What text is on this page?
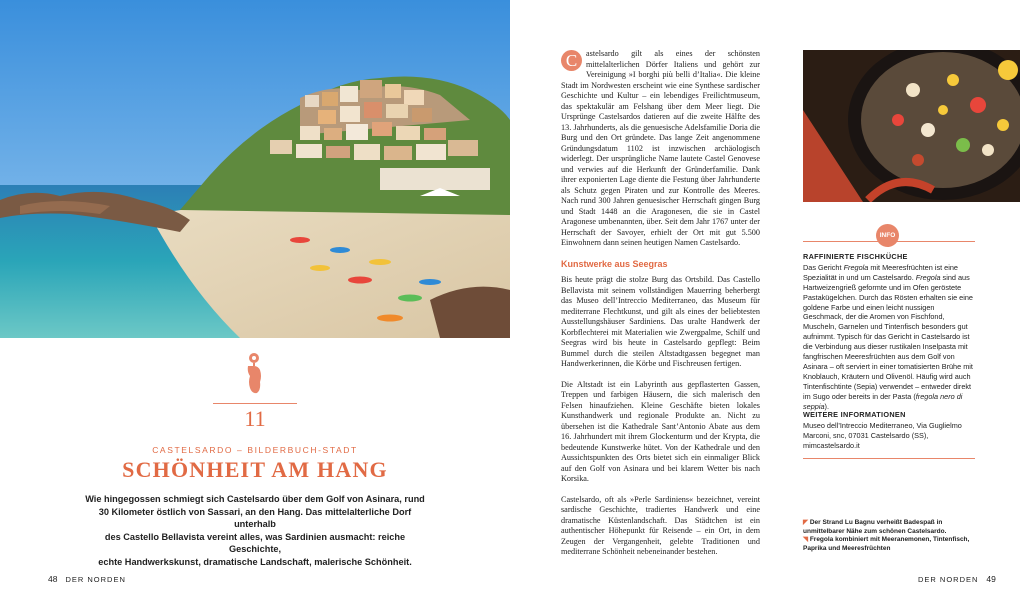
11
CASTELSARDO – BILDERBUCH-STADT
SCHÖNHEIT AM HANG
Wie hingegossen schmiegt sich Castelsardo über dem Golf von Asinara, rund
30 Kilometer östlich von Sassari, an den Hang. Das mittelalterliche Dorf unterhalb
des Castello Bellavista vereint alles, was Sardinien ausmacht: reiche Geschichte,
echte Handwerkskunst, dramatische Landschaft, malerische Schönheit.
48 DER NORDEN

C	astelsardo gilt als eines der schönsten mittelalterlichen Dörfer Italiens und gehört zur Vereinigung »I borghi più belli d’Italia«. Die kleine Stadt im Nordwesten erscheint wie eine Synthese sardischer Geschichte und Kultur – ein lebendiges Freilichtmuseum, das spektakulär am Felshang über dem Meer liegt. Die Ursprünge Castelsardos datieren auf die zweite Hälfte des 13. Jahrhunderts, als die genuesische Adelsfamilie Doria die Burg und den Ort gründete. Das lange Zeit angenommene Gründungsdatum 1102 ist inzwischen archäologisch widerlegt. Der ursprüngliche Name lautete Castel Genovese und verwies auf die Herkunft der Gründerfamilie. Dank ihrer exponierten Lage diente die Festung über Jahrhunderte als Schutz gegen Piraten und zur Kontrolle des Meeres. Nach rund 300 Jahren genuesischer Herrschaft gingen Burg und Stadt 1448 an die Aragonesen, die sie in Castel Aragonese umbenannten, über. Seit dem Jahr 1767 unter der Herrschaft der Savoyer, erhielt der Ort mit gut 5.500 Einwohnern dann seinen heutigen Namen Castelsardo.

Kunstwerke aus Seegras

Bis heute prägt die stolze Burg das Ortsbild. Das Castello Bellavista mit seinem vollständigen Mauerring beherbergt das Museo dell’Intreccio Mediterraneo, das Museum für mediterrane Flechtkunst, und gilt als eines der beliebtesten Ausstellungshäuser Sardiniens. Das uralte Handwerk der Korbflechterei mit Materialien wie Zwergpalme, Schilf und Seegras wird bis heute in Castelsardo gepflegt: Beim Bummel durch die steilen Altstadtgassen begegnet man Handwerkerinnen, die Körbe und Fischreusen fertigen.

Die Altstadt ist ein Labyrinth aus gepflasterten Gassen, Treppen und farbigen Häusern, die sich malerisch den Felsen hinaufziehen. Kleine Geschäfte bieten lokales Kunsthandwerk und regionale Produkte an. Nicht zu übersehen ist die Kathedrale Sant’Antonio Abate aus dem 16. Jahrhundert mit ihrem Glockenturm und der Krypta, die bedeutende Kunstwerke hütet. Von der Kathedrale und den Aussichtspunkten des Orts bietet sich ein einmaliger Blick auf den Golf von Asinara und bei klarem Wetter bis nach Korsika.

Castelsardo, oft als »Perle Sardiniens« bezeichnet, vereint sardische Geschichte, tradiertes Handwerk und eine dramatische Küstenlandschaft. Das Städtchen ist ein authentischer Höhepunkt für Reisende – ein Ort, in dem Zeugen der Vergangenheit, gelebte Traditionen und mediterrane Schönheit nebeneinander bestehen.

INFO
RAFFINIERTE FISCHKÜCHE
Das Gericht Fregola mit Meeresfrüchten ist eine Spezialität in und um Castelsardo. Fregola sind aus Hartweizengrieß geformte und im Ofen geröstete Pastakügelchen. Durch das Rösten erhalten sie eine goldene Farbe und einen leicht nussigen Geschmack, der die Aromen von Fischfond, Muscheln, Garnelen und Tintenfisch besonders gut aufnimmt. Typisch für das Gericht in Castelsardo ist die Verbindung aus dieser rustikalen Inselpasta mit fangfrischen Meeresfrüchten aus dem Golf von Asinara – oft serviert in einer tomatisierten Brühe mit Knoblauch, Kräutern und Olivenöl. Häufig wird auch Tintenfischtinte (Sepia) verwendet – entweder direkt im Sugo oder bereits in der Pasta (fregola nero di seppia).
WEITERE INFORMATIONEN
Museo dell’Intreccio Mediterraneo, Via Guglielmo Marconi, snc, 07031 Castelsardo (SS), mimcastelsardo.it
◤ Der Strand Lu Bagnu verheißt Badespaß in unmittelbarer Nähe zum schönen Castelsardo.
◥ Fregola kombiniert mit Meeranemonen, Tintenfisch, Paprika und Meeresfrüchten
DER NORDEN 49
